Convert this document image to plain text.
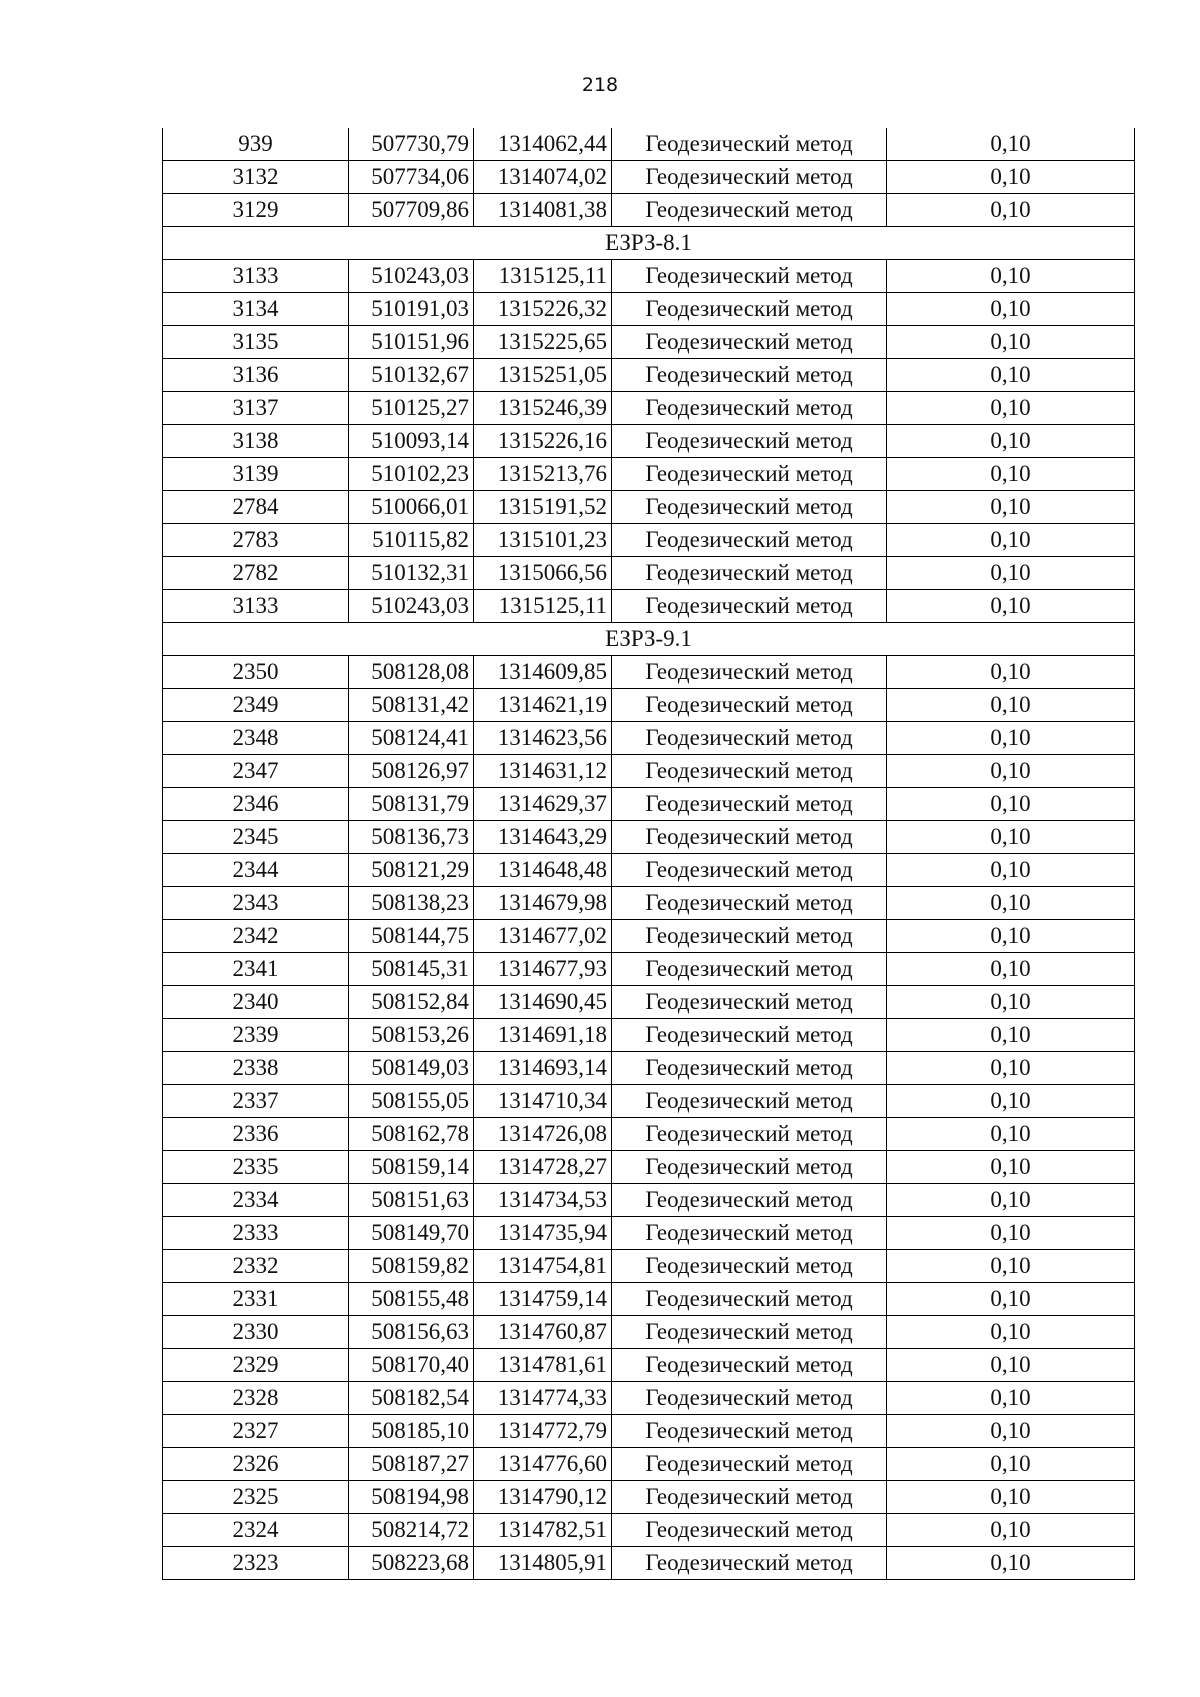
218
939	507730,79	1314062,44	Геодезический метод	0,10
3132	507734,06	1314074,02	Геодезический метод	0,10
3129	507709,86	1314081,38	Геодезический метод	0,10
ЕЗРЗ-8.1				
3133	510243,03	1315125,11	Геодезический метод	0,10
3134	510191,03	1315226,32	Геодезический метод	0,10
3135	510151,96	1315225,65	Геодезический метод	0,10
3136	510132,67	1315251,05	Геодезический метод	0,10
3137	510125,27	1315246,39	Геодезический метод	0,10
3138	510093,14	1315226,16	Геодезический метод	0,10
3139	510102,23	1315213,76	Геодезический метод	0,10
2784	510066,01	1315191,52	Геодезический метод	0,10
2783	510115,82	1315101,23	Геодезический метод	0,10
2782	510132,31	1315066,56	Геодезический метод	0,10
3133	510243,03	1315125,11	Геодезический метод	0,10
ЕЗРЗ-9.1				
2350	508128,08	1314609,85	Геодезический метод	0,10
2349	508131,42	1314621,19	Геодезический метод	0,10
2348	508124,41	1314623,56	Геодезический метод	0,10
2347	508126,97	1314631,12	Геодезический метод	0,10
2346	508131,79	1314629,37	Геодезический метод	0,10
2345	508136,73	1314643,29	Геодезический метод	0,10
2344	508121,29	1314648,48	Геодезический метод	0,10
2343	508138,23	1314679,98	Геодезический метод	0,10
2342	508144,75	1314677,02	Геодезический метод	0,10
2341	508145,31	1314677,93	Геодезический метод	0,10
2340	508152,84	1314690,45	Геодезический метод	0,10
2339	508153,26	1314691,18	Геодезический метод	0,10
2338	508149,03	1314693,14	Геодезический метод	0,10
2337	508155,05	1314710,34	Геодезический метод	0,10
2336	508162,78	1314726,08	Геодезический метод	0,10
2335	508159,14	1314728,27	Геодезический метод	0,10
2334	508151,63	1314734,53	Геодезический метод	0,10
2333	508149,70	1314735,94	Геодезический метод	0,10
2332	508159,82	1314754,81	Геодезический метод	0,10
2331	508155,48	1314759,14	Геодезический метод	0,10
2330	508156,63	1314760,87	Геодезический метод	0,10
2329	508170,40	1314781,61	Геодезический метод	0,10
2328	508182,54	1314774,33	Геодезический метод	0,10
2327	508185,10	1314772,79	Геодезический метод	0,10
2326	508187,27	1314776,60	Геодезический метод	0,10
2325	508194,98	1314790,12	Геодезический метод	0,10
2324	508214,72	1314782,51	Геодезический метод	0,10
2323	508223,68	1314805,91	Геодезический метод	0,10
